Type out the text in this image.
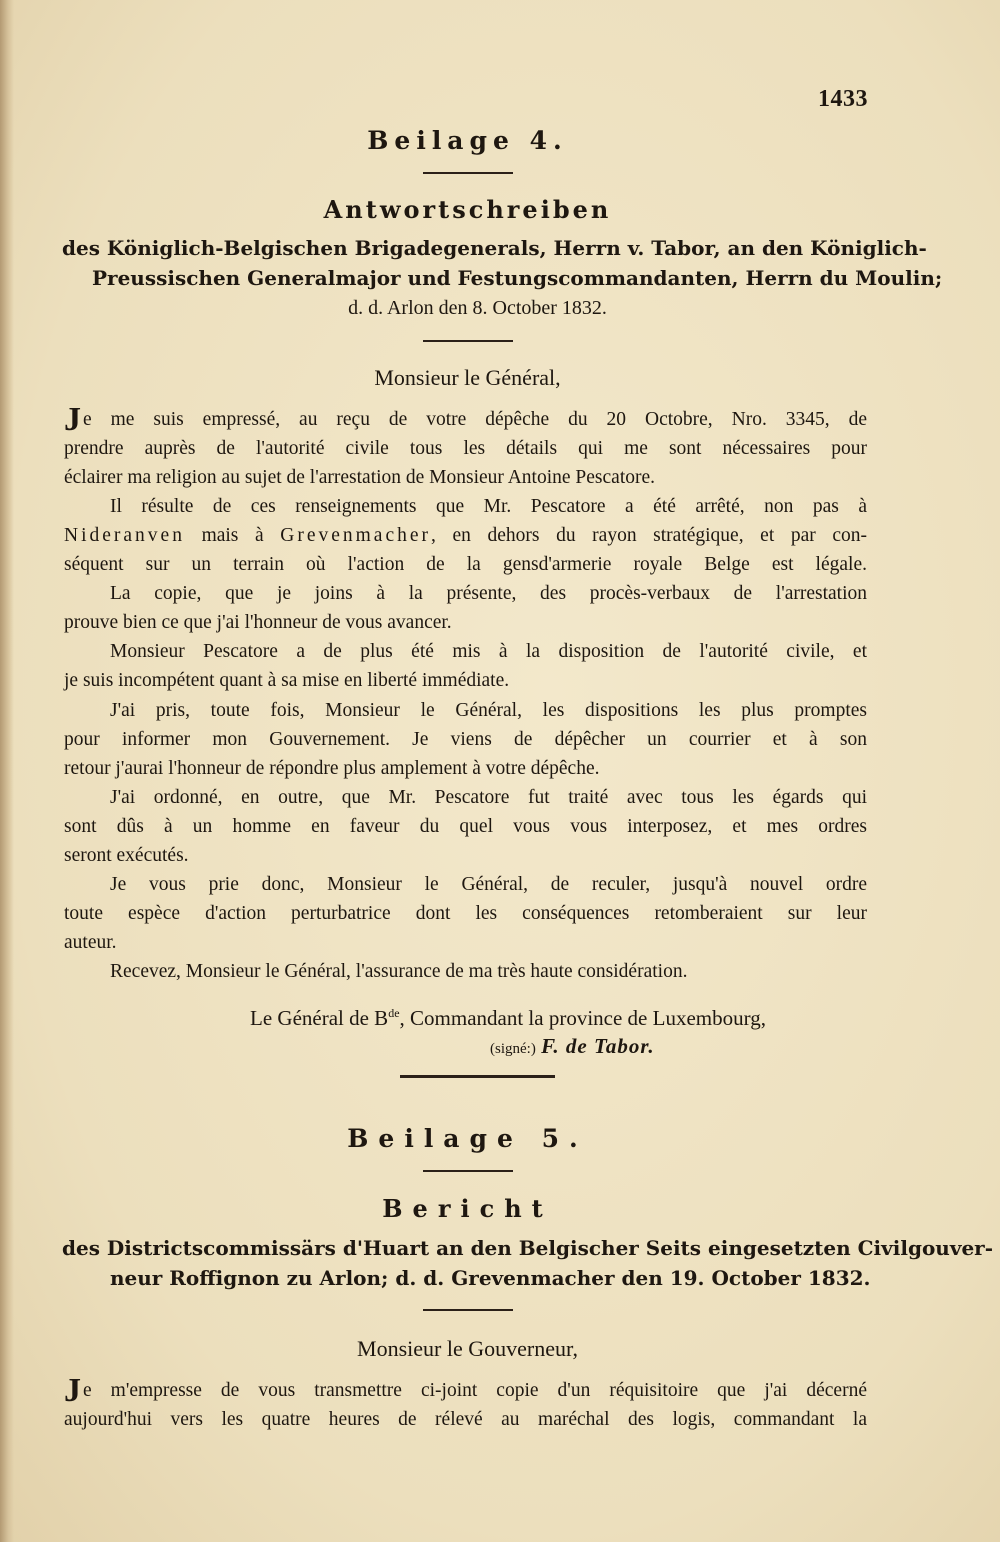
1433
Beilage 4.
Antwortschreiben
des Königlich-Belgischen Brigadegenerals, Herrn v. Tabor, an den Königlich-
Preussischen Generalmajor und Festungscommandanten, Herrn du Moulin;
d. d. Arlon den 8. October 1832.
Monsieur le Général,
Je me suis empressé, au reçu de votre dépêche du 20 Octobre, Nro. 3345, de
prendre auprès de l'autorité civile tous les détails qui me sont nécessaires pour
éclairer ma religion au sujet de l'arrestation de Monsieur Antoine Pescatore.
Il résulte de ces renseignements que Mr. Pescatore a été arrêté, non pas à
Nideranven mais à Grevenmacher, en dehors du rayon stratégique, et par con-
séquent sur un terrain où l'action de la gensd'armerie royale Belge est légale.
La copie, que je joins à la présente, des procès-verbaux de l'arrestation
prouve bien ce que j'ai l'honneur de vous avancer.
Monsieur Pescatore a de plus été mis à la disposition de l'autorité civile, et
je suis incompétent quant à sa mise en liberté immédiate.
J'ai pris, toute fois, Monsieur le Général, les dispositions les plus promptes
pour informer mon Gouvernement. Je viens de dépêcher un courrier et à son
retour j'aurai l'honneur de répondre plus amplement à votre dépêche.
J'ai ordonné, en outre, que Mr. Pescatore fut traité avec tous les égards qui
sont dûs à un homme en faveur du quel vous vous interposez, et mes ordres
seront exécutés.
Je vous prie donc, Monsieur le Général, de reculer, jusqu'à nouvel ordre
toute espèce d'action perturbatrice dont les conséquences retomberaient sur leur
auteur.
Recevez, Monsieur le Général, l'assurance de ma très haute considération.
Le Général de $B^{de}$, Commandant la province de Luxembourg,
(signé:) F. de Tabor.
Beilage 5.
Bericht
des Districtscommissärs d'Huart an den Belgischer Seits eingesetzten Civilgouver-
neur Roffignon zu Arlon; d. d. Grevenmacher den 19. October 1832.
Monsieur le Gouverneur,
Je m'empresse de vous transmettre ci-joint copie d'un réquisitoire que j'ai décerné
aujourd'hui vers les quatre heures de rélevé au maréchal des logis, commandant la
